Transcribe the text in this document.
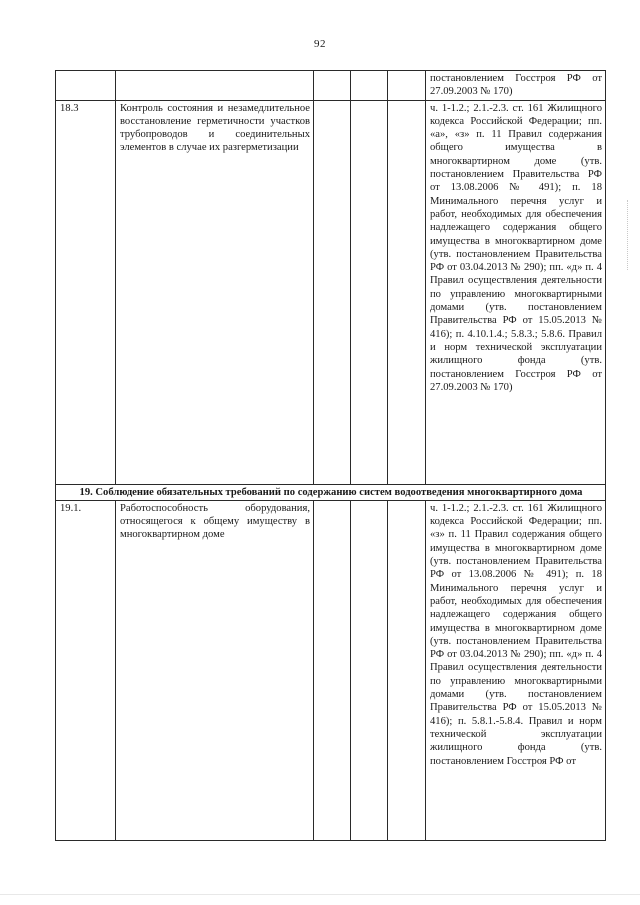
92
					постановлением Госстроя РФ от 27.09.2003 № 170)
18.3	Контроль состояния и незамедлительное восстановление герметичности участков трубопроводов и соединительных элементов в случае их разгерметизации				ч. 1-1.2.; 2.1.-2.3. ст. 161 Жилищного кодекса Российской Федерации; пп. «а», «з» п. 11 Правил содержания общего имущества в многоквартирном доме (утв. постановлением Правительства РФ от 13.08.2006 № 491); п. 18 Минимального перечня услуг и работ, необходимых для обеспечения надлежащего содержания общего имущества в многоквартирном доме (утв. постановлением Правительства РФ от 03.04.2013 № 290); пп. «д» п. 4 Правил осуществления деятельности по управлению многоквартирными домами (утв. постановлением Правительства РФ от 15.05.2013 № 416); п. 4.10.1.4.; 5.8.3.; 5.8.6. Правил и норм технической эксплуатации жилищного фонда (утв. постановлением Госстроя РФ от 27.09.2003 № 170)
19. Соблюдение обязательных требований по содержанию систем водоотведения многоквартирного дома					
19.1.	Работоспособность оборудования, относящегося к общему имуществу в многоквартирном доме				ч. 1-1.2.; 2.1.-2.3. ст. 161 Жилищного кодекса Российской Федерации; пп. «з» п. 11 Правил содержания общего имущества в многоквартирном доме (утв. постановлением Правительства РФ от 13.08.2006 № 491); п. 18 Минимального перечня услуг и работ, необходимых для обеспечения надлежащего содержания общего имущества в многоквартирном доме (утв. постановлением Правительства РФ от 03.04.2013 № 290); пп. «д» п. 4 Правил осуществления деятельности по управлению многоквартирными домами (утв. постановлением Правительства РФ от 15.05.2013 № 416); п. 5.8.1.-5.8.4. Правил и норм технической эксплуатации жилищного фонда (утв. постановлением Госстроя РФ от
